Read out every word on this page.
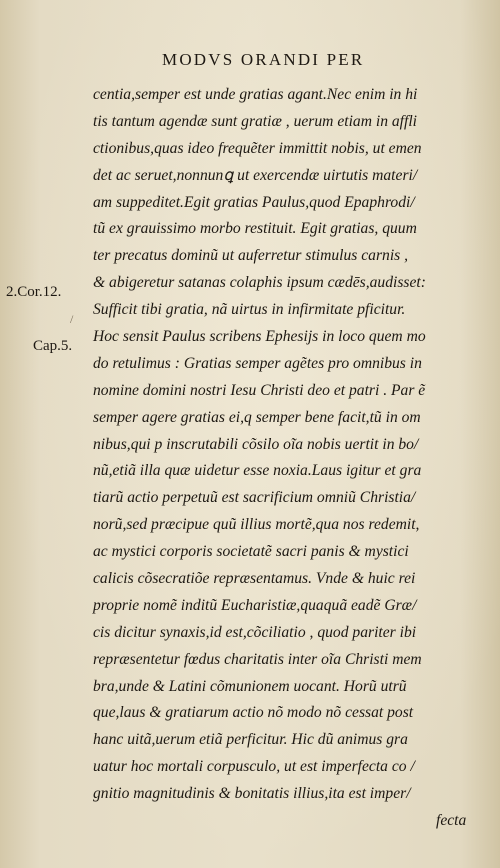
MODVS ORANDI PER
2.Cor.12.
Cap.5.
/
centia,semper est unde gratias agant.Nec enim in hi
tis tantum agendæ sunt gratiæ , uerum etiam in affli
ctionibus,quas ideo frequẽter immittit nobis, ut emen
det ac seruet,nonnunꝗ ut exercendæ uirtutis materi/
am suppeditet.Egit gratias Paulus,quod Epaphrodi/
tũ ex grauissimo morbo restituit. Egit gratias, quum
ter precatus dominũ ut auferretur stimulus carnis ,
& abigeretur satanas colaphis ipsum cædēs,audisset:
Sufficit tibi gratia, nã uirtus in infirmitate pficitur.
Hoc sensit Paulus scribens Ephesijs in loco quem mo
do retulimus : Gratias semper agẽtes pro omnibus in
nomine domini nostri Iesu Christi deo et patri . Par ẽ
semper agere gratias ei,q semper bene facit,tũ in om
nibus,qui p inscrutabili cõsilo oĩa nobis uertit in bo/
nũ,etiã illa quæ uidetur esse noxia.Laus igitur et gra
tiarũ actio perpetuũ est sacrificium omniũ Christia/
norũ,sed præcipue quũ illius mortẽ,qua nos redemit,
ac mystici corporis societatẽ sacri panis & mystici
calicis cõsecratiõe repræsentamus. Vnde & huic rei
proprie nomẽ inditũ Eucharistiæ,quaquã eadẽ Græ/
cis dicitur synaxis,id est,cõciliatio , quod pariter ibi
repræsentetur fœdus charitatis inter oĩa Christi mem
bra,unde & Latini cõmunionem uocant. Horũ utrũ
que,laus & gratiarum actio nõ modo nõ cessat post
hanc uitã,uerum etiã perficitur. Hic dũ animus gra
uatur hoc mortali corpusculo, ut est imperfecta co /
gnitio magnitudinis & bonitatis illius,ita est imper/
fecta
